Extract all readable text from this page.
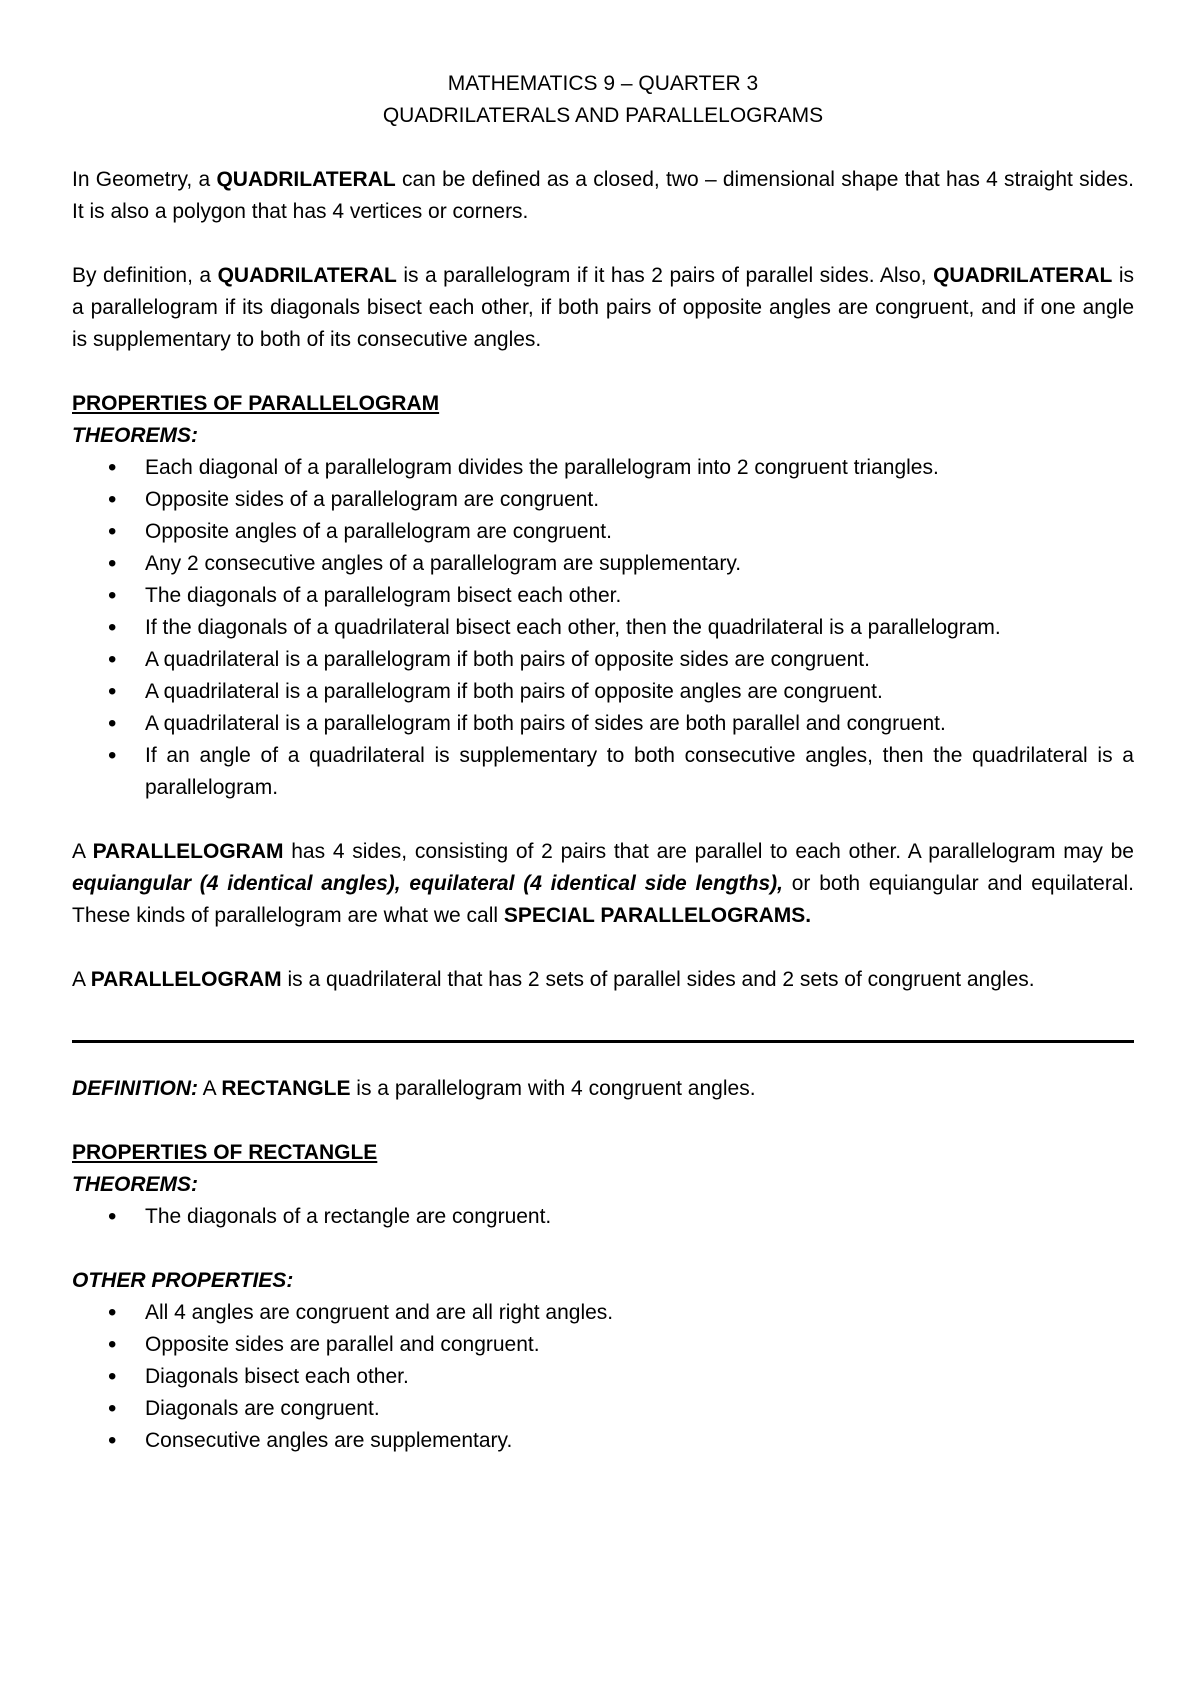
MATHEMATICS 9 – QUARTER 3

QUADRILATERALS AND PARALLELOGRAMS

In Geometry, a QUADRILATERAL can be defined as a closed, two – dimensional shape that has 4 straight sides. It is also a polygon that has 4 vertices or corners.

By definition, a QUADRILATERAL is a parallelogram if it has 2 pairs of parallel sides. Also, QUADRILATERAL is a parallelogram if its diagonals bisect each other, if both pairs of opposite angles are congruent, and if one angle is supplementary to both of its consecutive angles.

PROPERTIES OF PARALLELOGRAM

THEOREMS:

• Each diagonal of a parallelogram divides the parallelogram into 2 congruent triangles.
• Opposite sides of a parallelogram are congruent.
• Opposite angles of a parallelogram are congruent.
• Any 2 consecutive angles of a parallelogram are supplementary.
• The diagonals of a parallelogram bisect each other.
• If the diagonals of a quadrilateral bisect each other, then the quadrilateral is a parallelogram.
• A quadrilateral is a parallelogram if both pairs of opposite sides are congruent.
• A quadrilateral is a parallelogram if both pairs of opposite angles are congruent.
• A quadrilateral is a parallelogram if both pairs of sides are both parallel and congruent.
• If an angle of a quadrilateral is supplementary to both consecutive angles, then the quadrilateral is a parallelogram.

A PARALLELOGRAM has 4 sides, consisting of 2 pairs that are parallel to each other. A parallelogram may be equiangular (4 identical angles), equilateral (4 identical side lengths), or both equiangular and equilateral. These kinds of parallelogram are what we call SPECIAL PARALLELOGRAMS.

A PARALLELOGRAM is a quadrilateral that has 2 sets of parallel sides and 2 sets of congruent angles.

DEFINITION: A RECTANGLE is a parallelogram with 4 congruent angles.

PROPERTIES OF RECTANGLE

THEOREMS:

• The diagonals of a rectangle are congruent.

OTHER PROPERTIES:

• All 4 angles are congruent and are all right angles.
• Opposite sides are parallel and congruent.
• Diagonals bisect each other.
• Diagonals are congruent.
• Consecutive angles are supplementary.
